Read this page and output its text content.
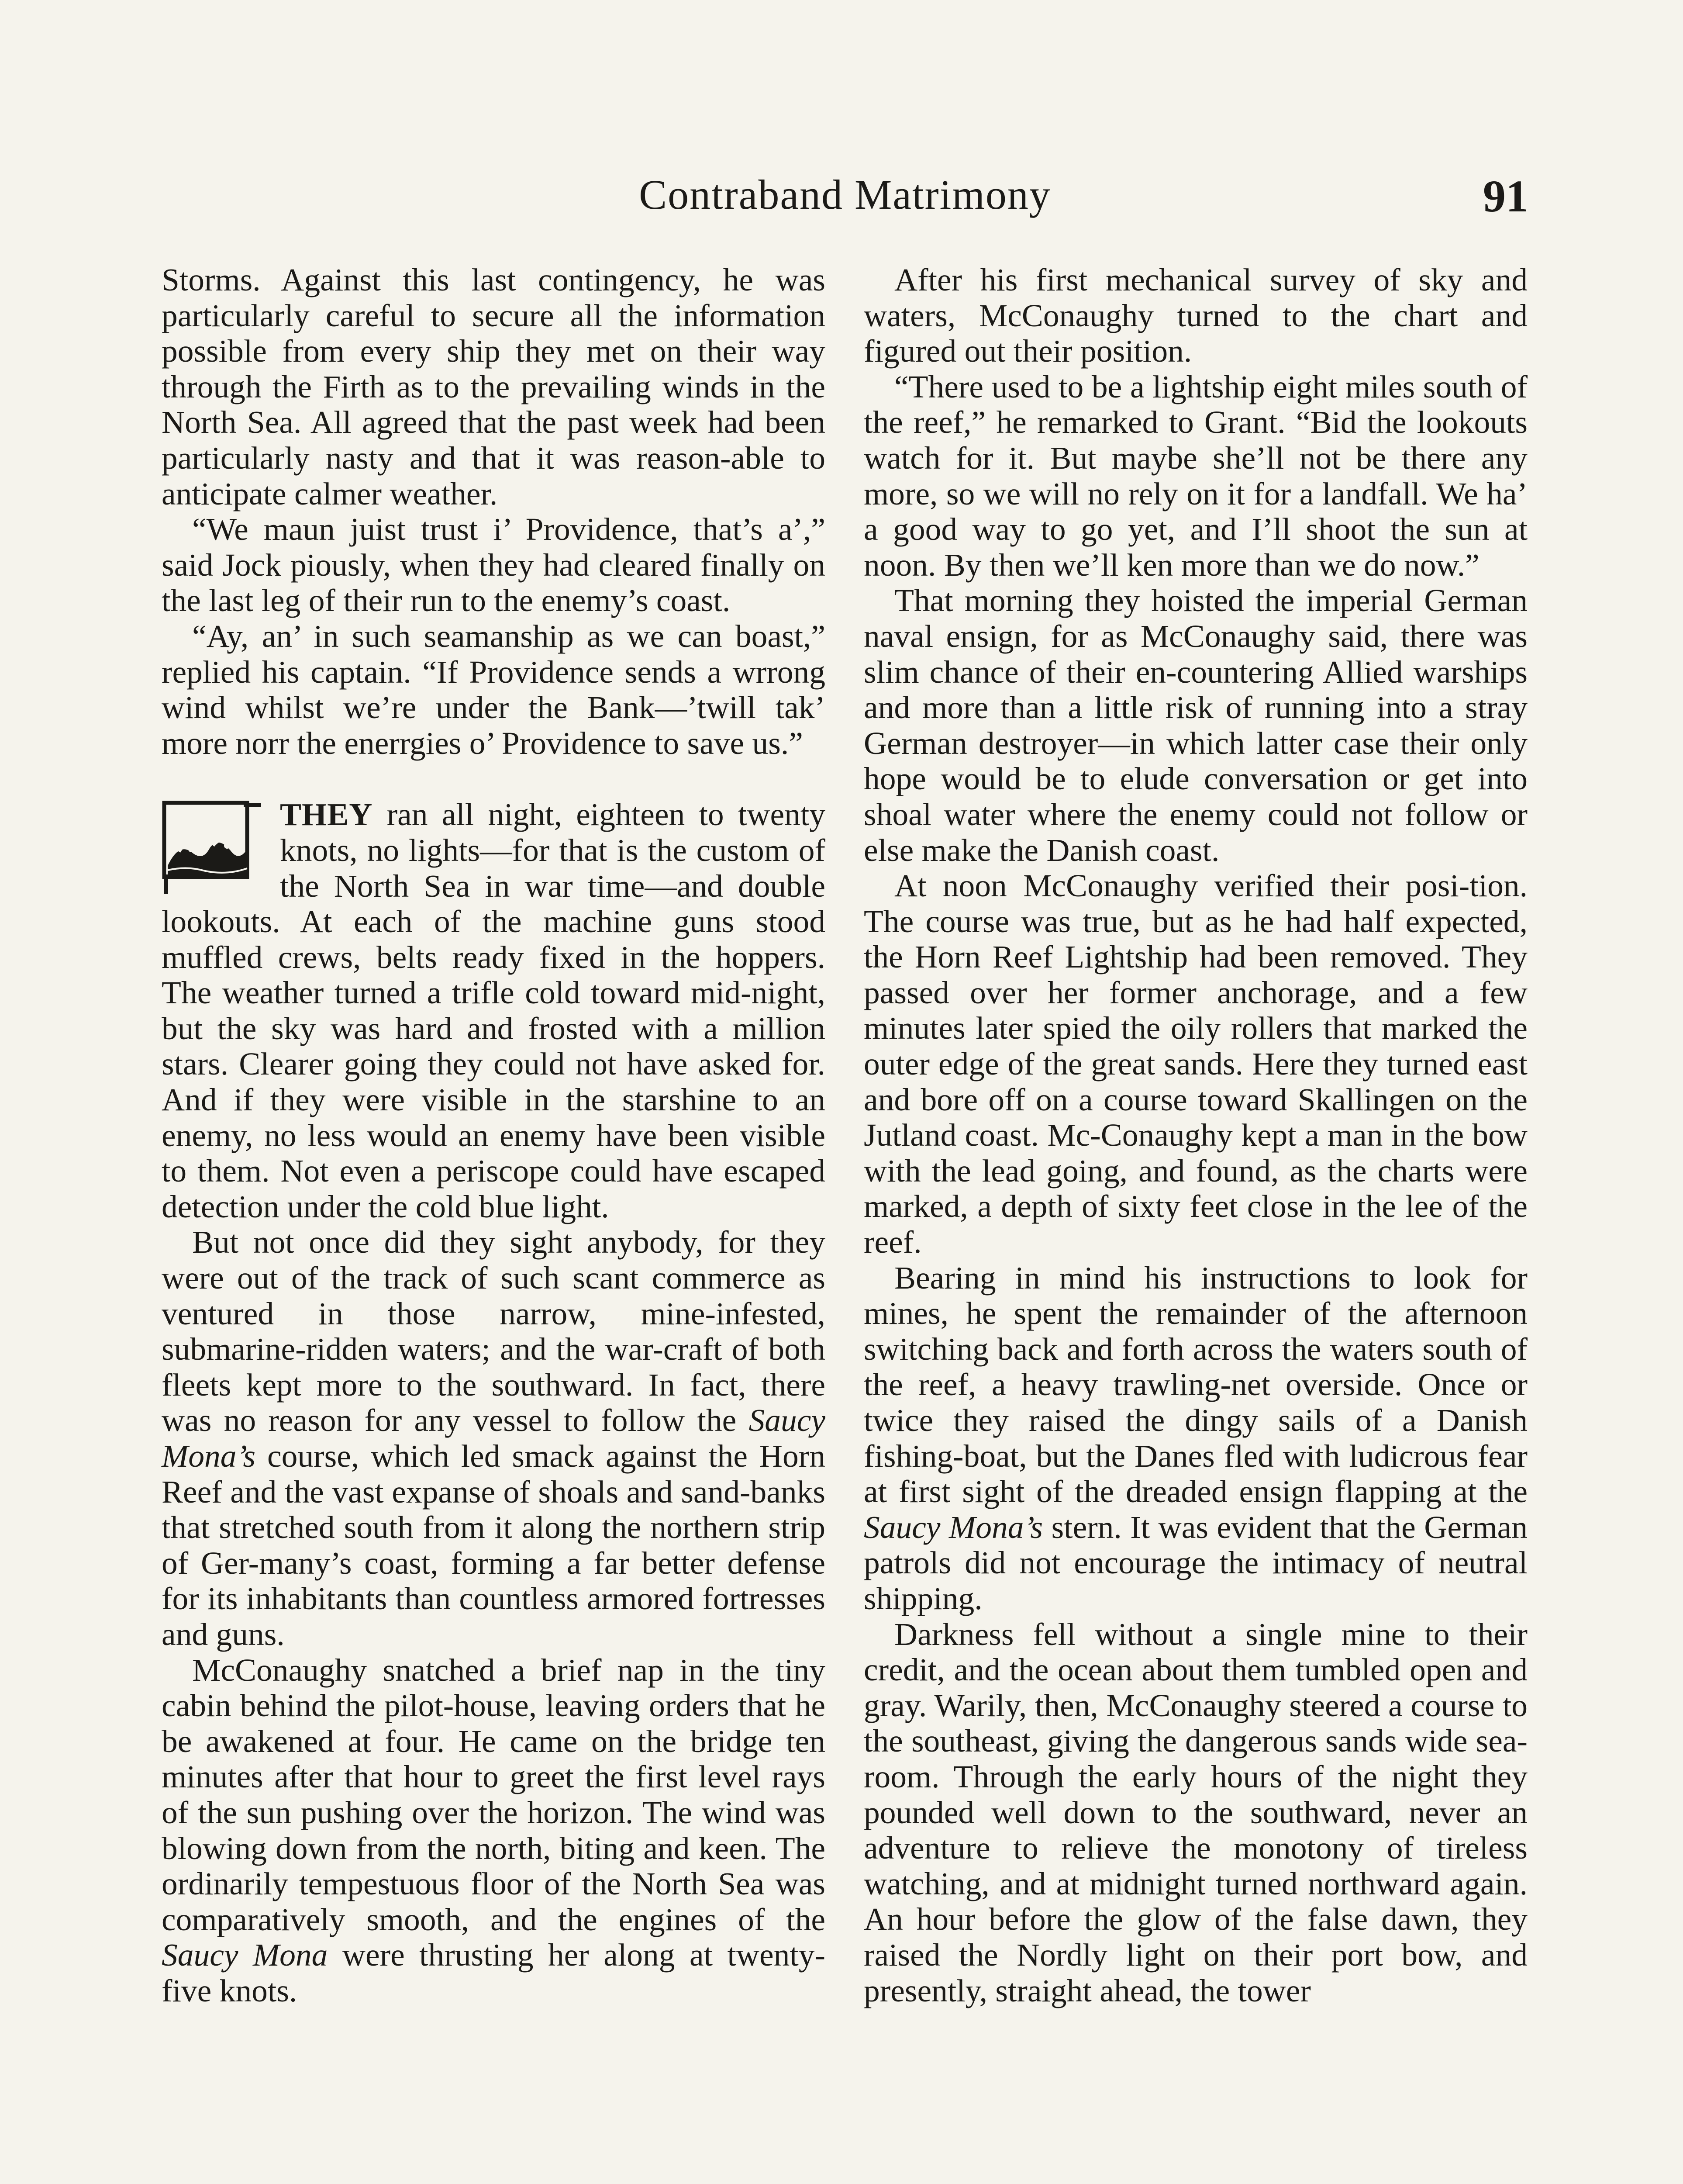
Contraband Matrimony	91

Storms. Against this last contingency, he was particularly careful to secure all the information possible from every ship they met on their way through the Firth as to the prevailing winds in the North Sea. All agreed that the past week had been particularly nasty and that it was reason-able to anticipate calmer weather.

“We maun juist trust i’ Providence, that’s a’,” said Jock piously, when they had cleared finally on the last leg of their run to the enemy’s coast.

“Ay, an’ in such seamanship as we can boast,” replied his captain. “If Providence sends a wrrong wind whilst we’re under the Bank—’twill tak’ more norr the enerrgies o’ Providence to save us.”

THEY ran all night, eighteen to twenty knots, no lights—for that is the custom of the North Sea in war time—and double lookouts. At each of the machine guns stood muffled crews, belts ready fixed in the hoppers. The weather turned a trifle cold toward mid-night, but the sky was hard and frosted with a million stars. Clearer going they could not have asked for. And if they were visible in the starshine to an enemy, no less would an enemy have been visible to them. Not even a periscope could have escaped detection under the cold blue light.

But not once did they sight anybody, for they were out of the track of such scant commerce as ventured in those narrow, mine-infested, submarine-ridden waters; and the war-craft of both fleets kept more to the southward. In fact, there was no reason for any vessel to follow the Saucy Mona’s course, which led smack against the Horn Reef and the vast expanse of shoals and sand-banks that stretched south from it along the northern strip of Ger-many’s coast, forming a far better defense for its inhabitants than countless armored fortresses and guns.

McConaughy snatched a brief nap in the tiny cabin behind the pilot-house, leaving orders that he be awakened at four. He came on the bridge ten minutes after that hour to greet the first level rays of the sun pushing over the horizon. The wind was blowing down from the north, biting and keen. The ordinarily tempestuous floor of the North Sea was comparatively smooth, and the engines of the Saucy Mona were thrusting her along at twenty-five knots.

After his first mechanical survey of sky and waters, McConaughy turned to the chart and figured out their position.

“There used to be a lightship eight miles south of the reef,” he remarked to Grant. “Bid the lookouts watch for it. But maybe she’ll not be there any more, so we will no rely on it for a landfall. We ha’ a good way to go yet, and I’ll shoot the sun at noon. By then we’ll ken more than we do now.”

That morning they hoisted the imperial German naval ensign, for as McConaughy said, there was slim chance of their en-countering Allied warships and more than a little risk of running into a stray German destroyer—in which latter case their only hope would be to elude conversation or get into shoal water where the enemy could not follow or else make the Danish coast.

At noon McConaughy verified their posi-tion. The course was true, but as he had half expected, the Horn Reef Lightship had been removed. They passed over her former anchorage, and a few minutes later spied the oily rollers that marked the outer edge of the great sands. Here they turned east and bore off on a course toward Skallingen on the Jutland coast. Mc-Conaughy kept a man in the bow with the lead going, and found, as the charts were marked, a depth of sixty feet close in the lee of the reef.

Bearing in mind his instructions to look for mines, he spent the remainder of the afternoon switching back and forth across the waters south of the reef, a heavy trawling-net overside. Once or twice they raised the dingy sails of a Danish fishing-boat, but the Danes fled with ludicrous fear at first sight of the dreaded ensign flapping at the Saucy Mona’s stern. It was evident that the German patrols did not encourage the intimacy of neutral shipping.

Darkness fell without a single mine to their credit, and the ocean about them tumbled open and gray. Warily, then, McConaughy steered a course to the southeast, giving the dangerous sands wide sea-room. Through the early hours of the night they pounded well down to the southward, never an adventure to relieve the monotony of tireless watching, and at midnight turned northward again. An hour before the glow of the false dawn, they raised the Nordly light on their port bow, and presently, straight ahead, the tower
